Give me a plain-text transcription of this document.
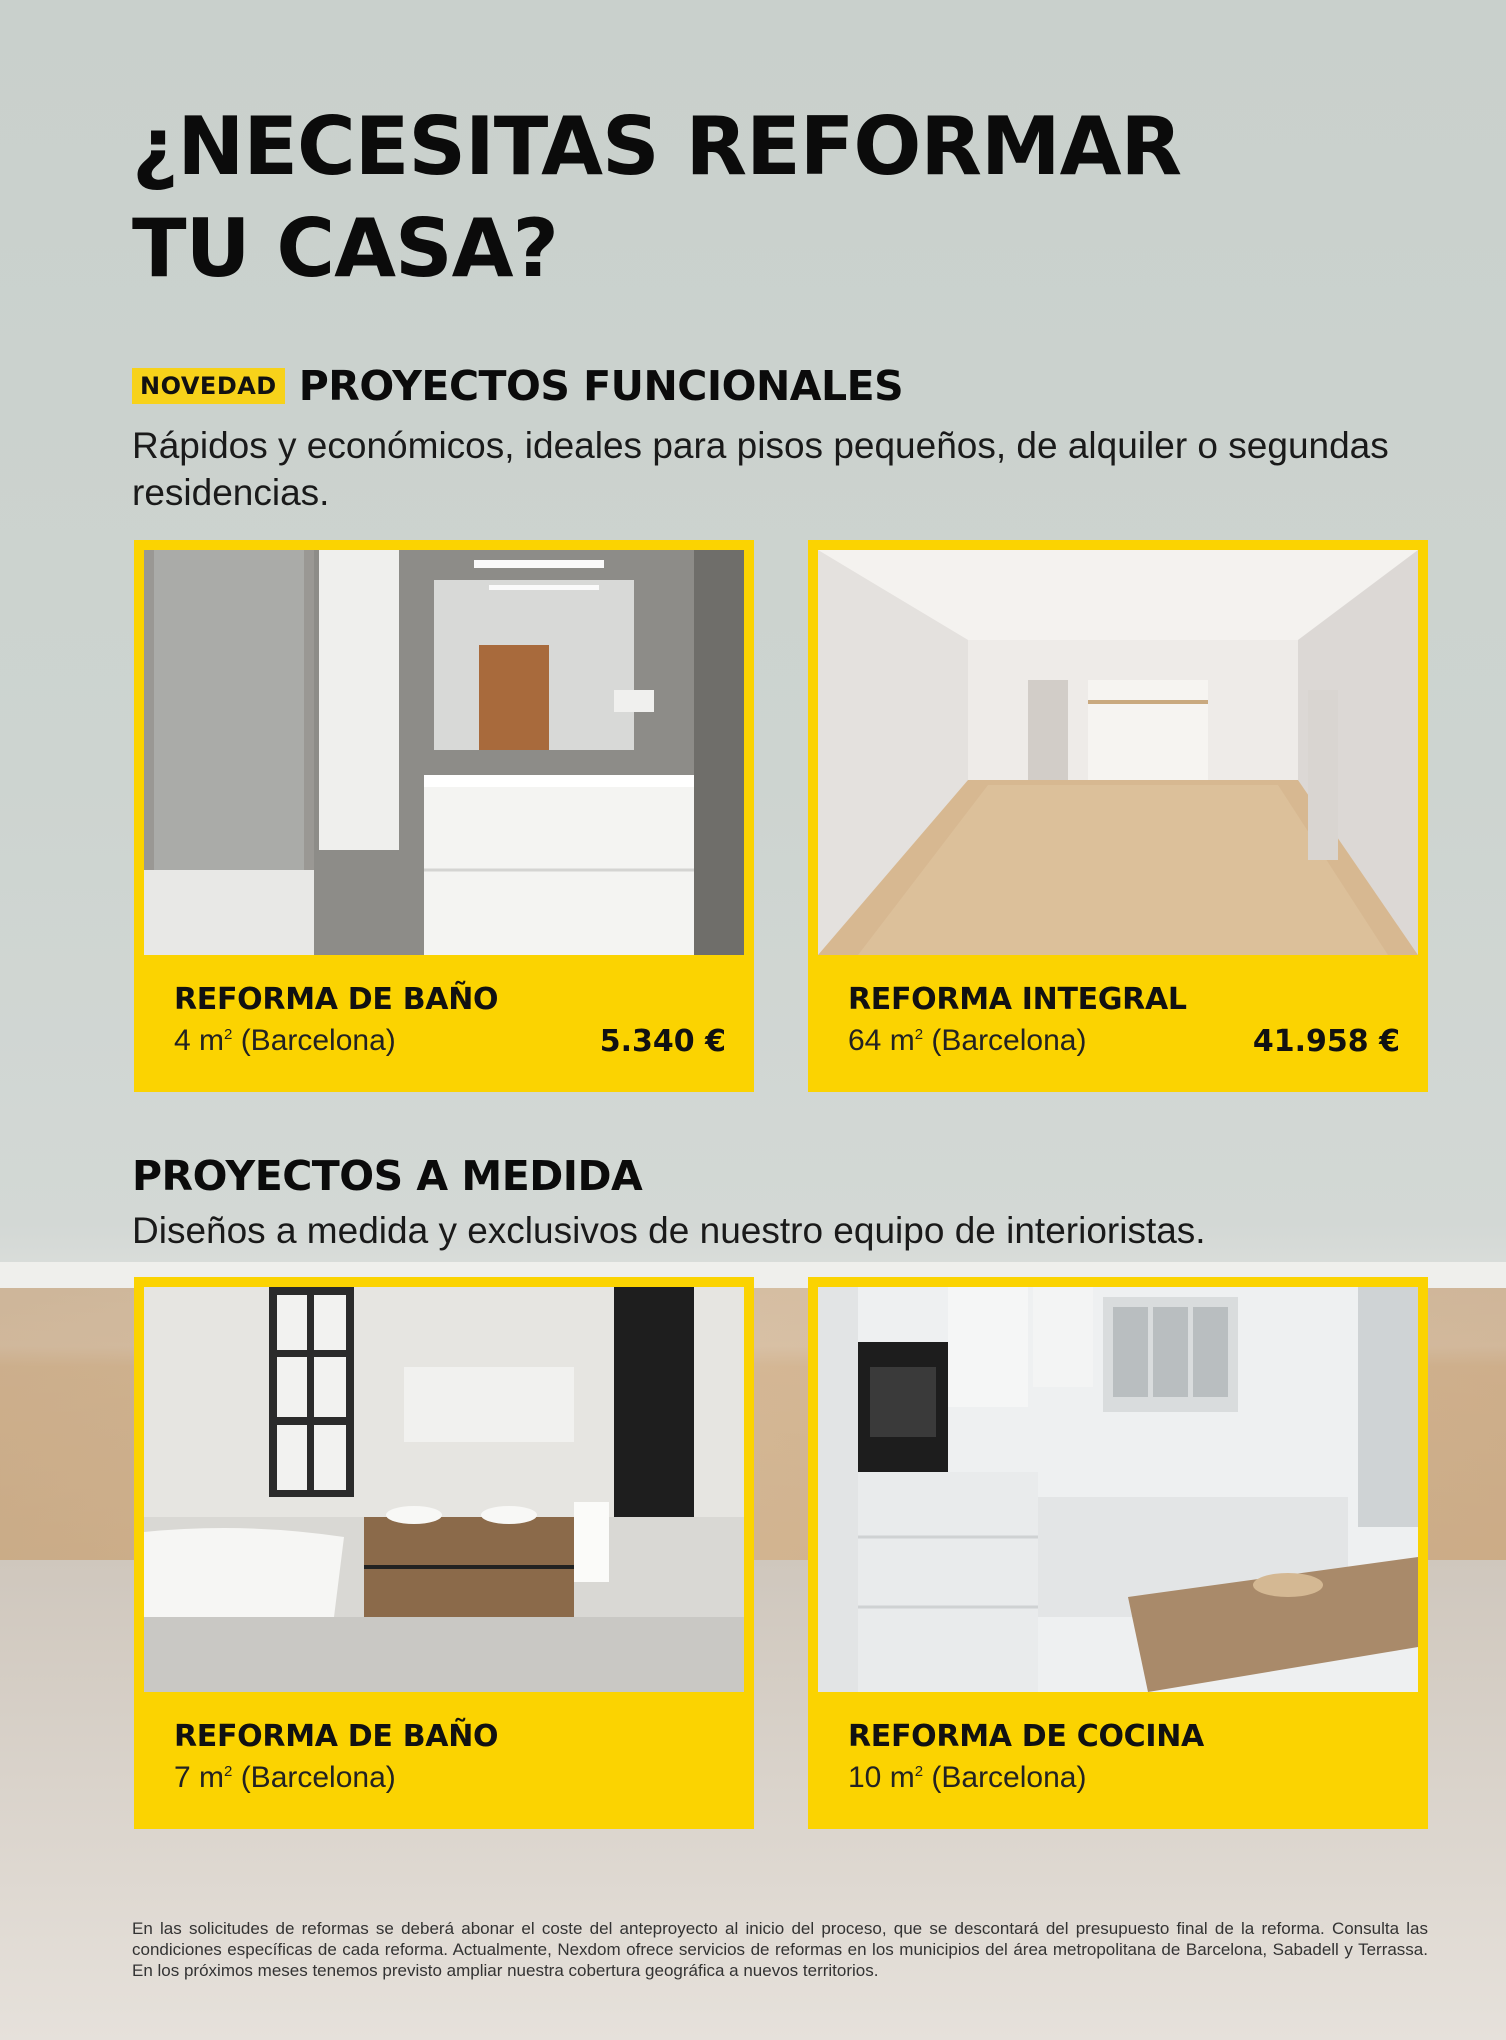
¿NECESITAS REFORMAR
TU CASA?
NOVEDAD PROYECTOS FUNCIONALES

Rápidos y económicos, ideales para pisos pequeños, de alquiler o segundas residencias.

REFORMA DE BAÑO
4 $m^2$ (Barcelona)	5.340 €
REFORMA INTEGRAL
64 $m^2$ (Barcelona)	41.958 €
PROYECTOS A MEDIDA

Diseños a medida y exclusivos de nuestro equipo de interioristas.

REFORMA DE BAÑO
7 $m^2$ (Barcelona)
REFORMA DE COCINA
10 $m^2$ (Barcelona)

En las solicitudes de reformas se deberá abonar el coste del anteproyecto al inicio del proceso, que se descontará del presupuesto final de la reforma. Consulta las condiciones específicas de cada reforma. Actualmente, Nexdom ofrece servicios de reformas en los municipios del área metropolitana de Barcelona, Sabadell y Terrassa. En los próximos meses tenemos previsto ampliar nuestra cobertura geográfica a nuevos territorios.
